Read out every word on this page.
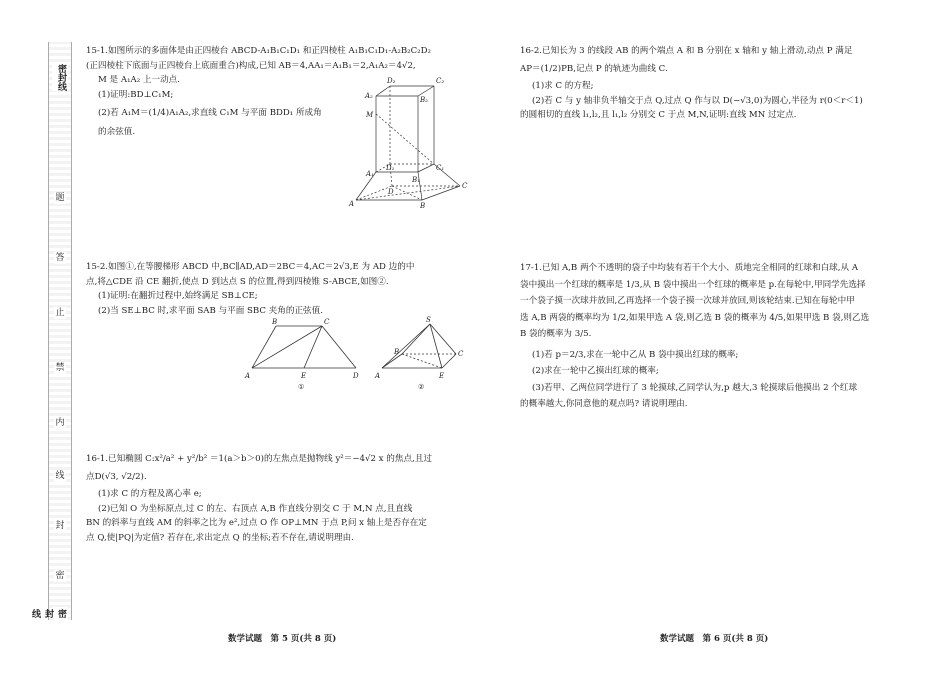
密封线
题
答
止
禁
内
线
封
密
密封线

15-1.如图所示的多面体是由正四棱台 ABCD-A₁B₁C₁D₁ 和正四棱柱 A₁B₁C₁D₁-A₂B₂C₂D₂

(正四棱柱下底面与正四棱台上底面重合)构成,已知 AB＝4,AA₁＝A₁B₁＝2,A₁A₂＝4√2,

M 是 A₁A₂ 上一动点.

(1)证明:BD⊥C₁M;

(2)若 A₁M＝(1/4)A₁A₂,求直线 C₁M 与平面 BDD₁ 所成角

的余弦值.

D₂	C₂
A₂	B₂
M
D₁	C₁
A₁
B₁
D
C
A	B

15-2.如图①,在等腰梯形 ABCD 中,BC∥AD,AD＝2BC＝4,AC＝2√3,E 为 AD 边的中

点,将△CDE 沿 CE 翻折,使点 D 到达点 S 的位置,得到四棱锥 S-ABCE,如图②.

(1)证明:在翻折过程中,始终满足 SB⊥CE;

(2)当 SE⊥BC 时,求平面 SAB 与平面 SBC 夹角的正弦值.

B	C
A	E	D
①
S
B	C
A	E
②

16-1.已知椭圆 C:x²/a² + y²/b² ＝1(a＞b＞0)的左焦点是抛物线 y²＝−4√2 x 的焦点,且过

点D(√3, √2/2).

(1)求 C 的方程及离心率 e;

(2)已知 O 为坐标原点,过 C 的左、右顶点 A,B 作直线分别交 C 于 M,N 点,且直线

BN 的斜率与直线 AM 的斜率之比为 e²,过点 O 作 OP⊥MN 于点 P,问 x 轴上是否存在定

点 Q,使|PQ|为定值? 若存在,求出定点 Q 的坐标;若不存在,请说明理由.

数学试题　第 5 页(共 8 页)

16-2.已知长为 3 的线段 AB 的两个端点 A 和 B 分别在 x 轴和 y 轴上滑动,动点 P 满足

AP＝(1/2)PB,记点 P 的轨迹为曲线 C.

(1)求 C 的方程;

(2)若 C 与 y 轴非负半轴交于点 Q,过点 Q 作与以 D(−√3,0)为圆心,半径为 r(0＜r＜1)

的圆相切的直线 l₁,l₂,且 l₁,l₂ 分别交 C 于点 M,N,证明:直线 MN 过定点.

17-1.已知 A,B 两个不透明的袋子中均装有若干个大小、质地完全相同的红球和白球,从 A

袋中摸出一个红球的概率是 1/3,从 B 袋中摸出一个红球的概率是 p.在每轮中,甲同学先选择

一个袋子摸一次球并放回,乙再选择一个袋子摸一次球并放回,则该轮结束.已知在每轮中甲

选 A,B 两袋的概率均为 1/2,如果甲选 A 袋,则乙选 B 袋的概率为 4/5,如果甲选 B 袋,则乙选

B 袋的概率为 3/5.

(1)若 p＝2/3,求在一轮中乙从 B 袋中摸出红球的概率;

(2)求在一轮中乙摸出红球的概率;

(3)若甲、乙两位同学进行了 3 轮摸球,乙同学认为,p 越大,3 轮摸球后他摸出 2 个红球

的概率越大,你同意他的观点吗? 请说明理由.

数学试题　第 6 页(共 8 页)
